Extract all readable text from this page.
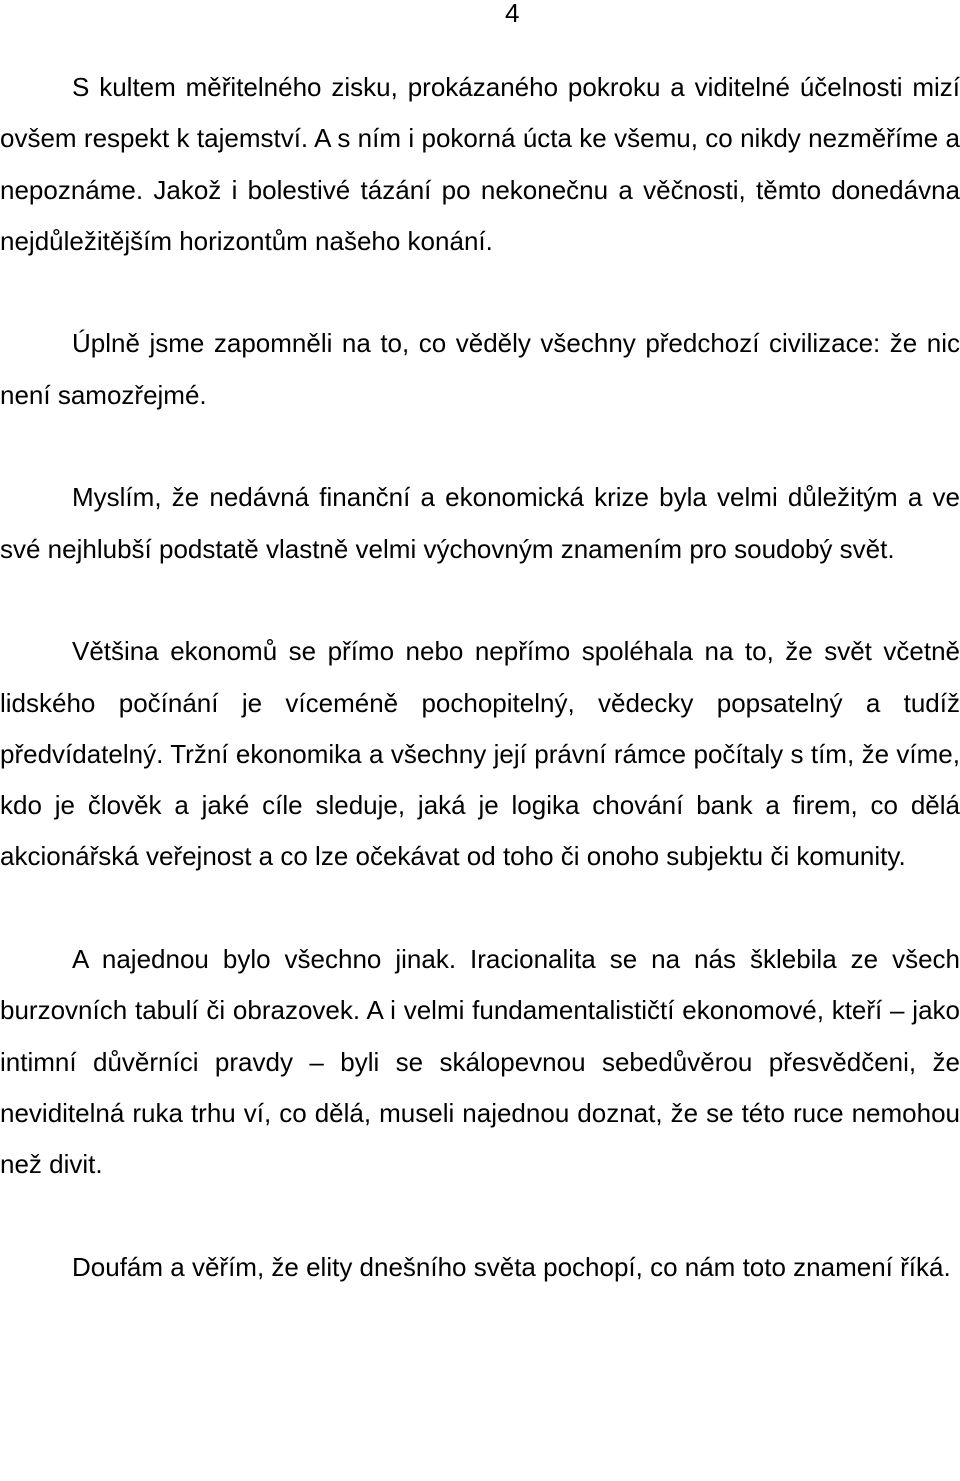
4

S kultem měřitelného zisku, prokázaného pokroku a viditelné účelnosti mizí ovšem respekt k tajemství. A s ním i pokorná úcta ke všemu, co nikdy nezměříme a nepoznáme. Jakož i bolestivé tázání po nekonečnu a věčnosti, těmto donedávna nejdůležitějším horizontům našeho konání.

Úplně jsme zapomněli na to, co věděly všechny předchozí civilizace: že nic není samozřejmé.

Myslím, že nedávná finanční a ekonomická krize byla velmi důležitým a ve své nejhlubší podstatě vlastně velmi výchovným znamením pro soudobý svět.

Většina ekonomů se přímo nebo nepřímo spoléhala na to, že svět včetně lidského počínání je víceméně pochopitelný, vědecky popsatelný a tudíž předvídatelný. Tržní ekonomika a všechny její právní rámce počítaly s tím, že víme, kdo je člověk a jaké cíle sleduje, jaká je logika chování bank a firem, co dělá akcionářská veřejnost a co lze očekávat od toho či onoho subjektu či komunity.

A najednou bylo všechno jinak. Iracionalita se na nás šklebila ze všech burzovních tabulí či obrazovek. A i velmi fundamentalističtí ekonomové, kteří – jako intimní důvěrníci pravdy – byli se skálopevnou sebedůvěrou přesvědčeni, že neviditelná ruka trhu ví, co dělá, museli najednou doznat, že se této ruce nemohou než divit.

Doufám a věřím, že elity dnešního světa pochopí, co nám toto znamení říká.
